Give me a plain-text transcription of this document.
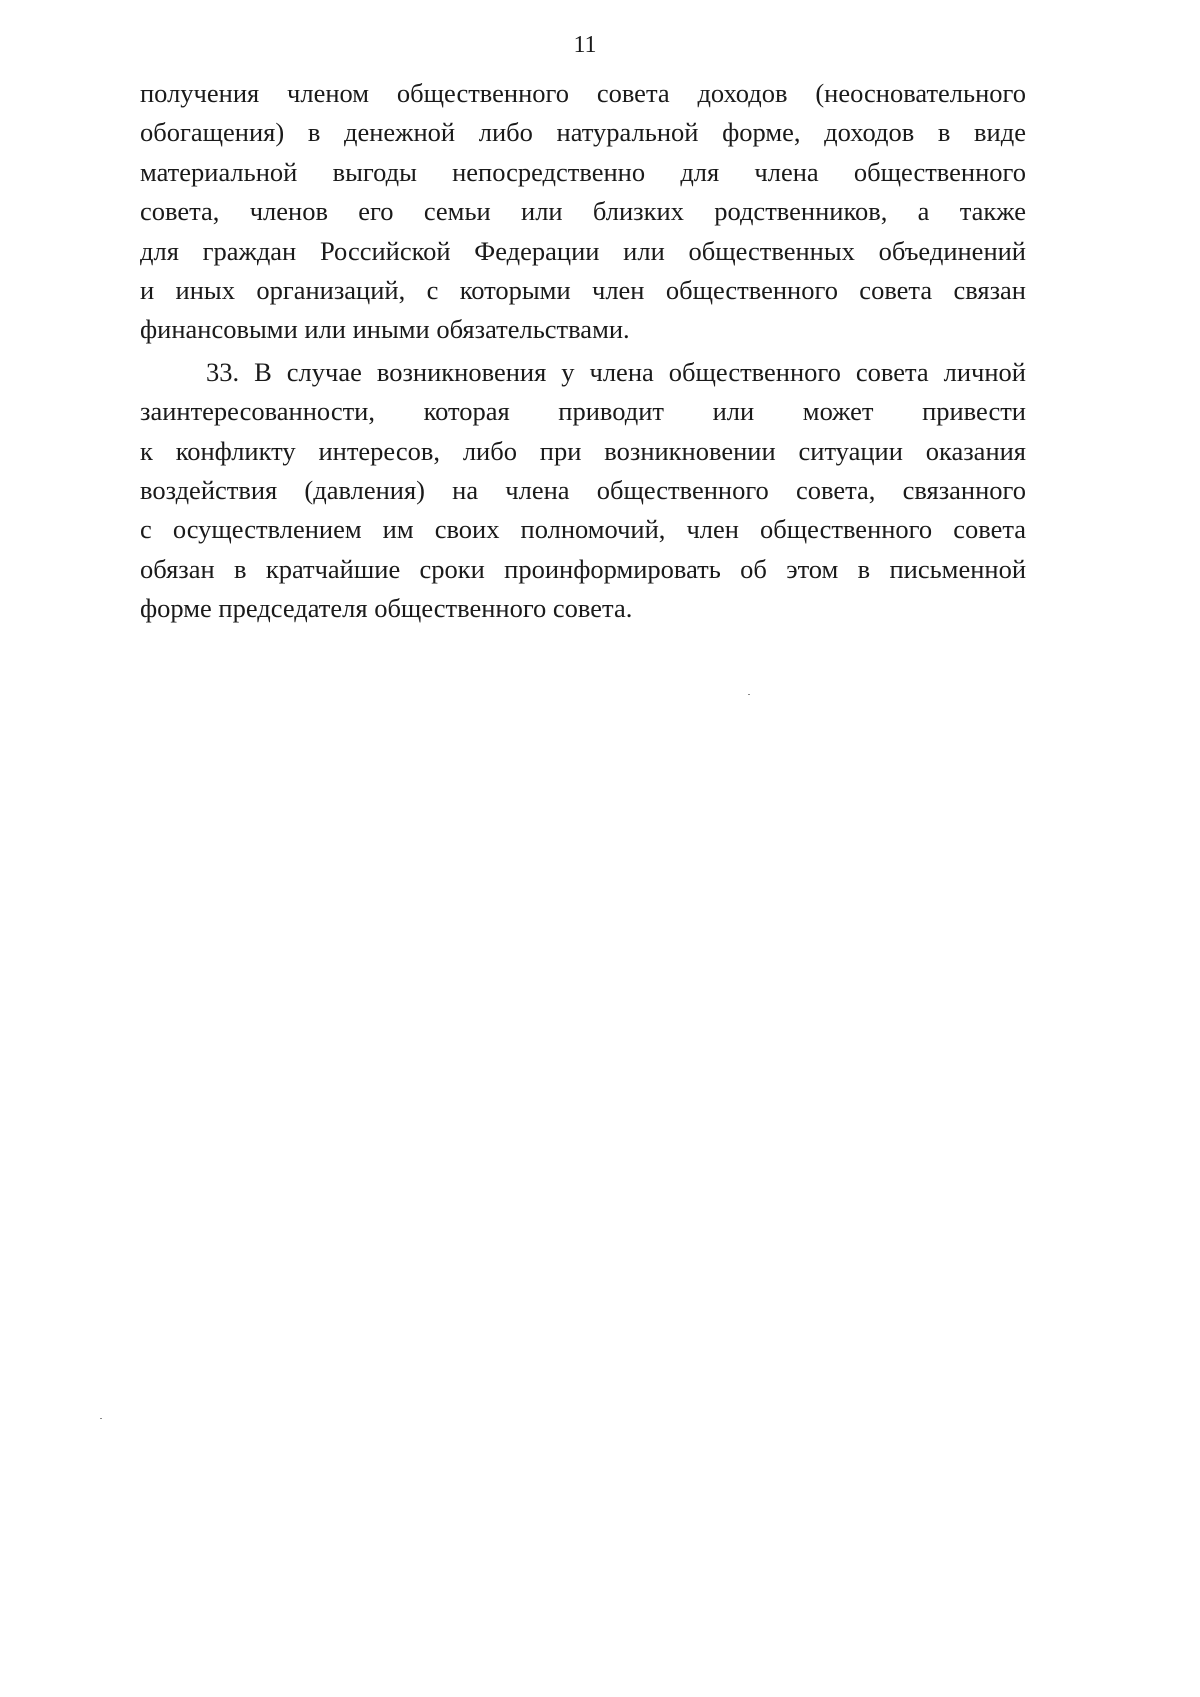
11
получения членом общественного совета доходов (неосновательного
обогащения) в денежной либо натуральной форме, доходов в виде
материальной выгоды непосредственно для члена общественного
совета, членов его семьи или близких родственников, а также
для граждан Российской Федерации или общественных объединений
и иных организаций, с которыми член общественного совета связан
финансовыми или иными обязательствами.
33. В случае возникновения у члена общественного совета личной
заинтересованности, которая приводит или может привести
к конфликту интересов, либо при возникновении ситуации оказания
воздействия (давления) на члена общественного совета, связанного
с осуществлением им своих полномочий, член общественного совета
обязан в кратчайшие сроки проинформировать об этом в письменной
форме председателя общественного совета.
